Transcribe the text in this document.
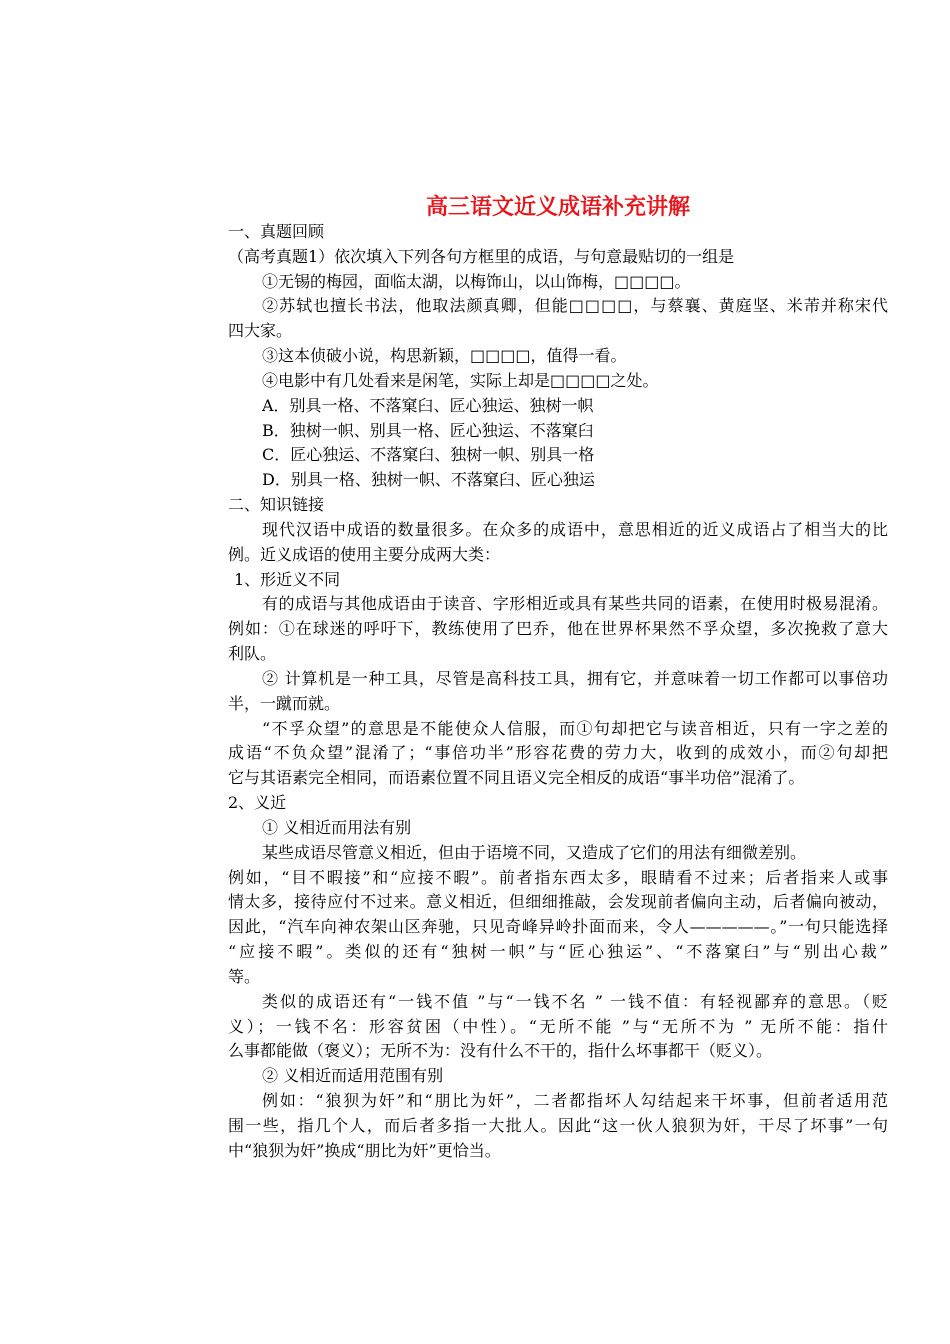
高三语文近义成语补充讲解
一、真题回顾
（高考真题1）依次填入下列各句方框里的成语，与句意最贴切的一组是
①无锡的梅园，面临太湖，以梅饰山，以山饰梅，□□□□。
②苏轼也擅长书法，他取法颜真卿，但能□□□□，与蔡襄、黄庭坚、米芾并称宋代
四大家。
③这本侦破小说，构思新颖，□□□□，值得一看。
④电影中有几处看来是闲笔，实际上却是□□□□之处。
A．别具一格、不落窠臼、匠心独运、独树一帜
B．独树一帜、别具一格、匠心独运、不落窠臼
C．匠心独运、不落窠臼、独树一帜、别具一格
D．别具一格、独树一帜、不落窠臼、匠心独运
二、知识链接
现代汉语中成语的数量很多。在众多的成语中，意思相近的近义成语占了相当大的比
例。近义成语的使用主要分成两大类：
1、形近义不同
有的成语与其他成语由于读音、字形相近或具有某些共同的语素，在使用时极易混淆。
例如：①在球迷的呼吁下，教练使用了巴乔，他在世界杯果然不孚众望，多次挽救了意大
利队。
② 计算机是一种工具，尽管是高科技工具，拥有它，并意味着一切工作都可以事倍功
半，一蹴而就。
“不孚众望”的意思是不能使众人信服，而①句却把它与读音相近，只有一字之差的
成语“不负众望”混淆了；“事倍功半”形容花费的劳力大，收到的成效小，而②句却把
它与其语素完全相同，而语素位置不同且语义完全相反的成语“事半功倍”混淆了。
2、义近
① 义相近而用法有别
某些成语尽管意义相近，但由于语境不同，又造成了它们的用法有细微差别。
例如，“目不暇接”和“应接不暇”。前者指东西太多，眼睛看不过来；后者指来人或事
情太多，接待应付不过来。意义相近，但细细推敲，会发现前者偏向主动，后者偏向被动，
因此，“汽车向神农架山区奔驰，只见奇峰异岭扑面而来，令人—————。”一句只能选择
“应接不暇”。类似的还有“独树一帜”与“匠心独运”、“不落窠臼”与“别出心裁”
等。
类似的成语还有“一钱不值 ”与“一钱不名 ” 一钱不值：有轻视鄙弃的意思。（贬
义）；一钱不名：形容贫困（中性）。“无所不能 ”与“无所不为 ” 无所不能：指什
么事都能做（褒义）；无所不为：没有什么不干的，指什么坏事都干（贬义）。
② 义相近而适用范围有别
例如：“狼狈为奸”和“朋比为奸”，二者都指坏人勾结起来干坏事，但前者适用范
围一些，指几个人，而后者多指一大批人。因此“这一伙人狼狈为奸，干尽了坏事”一句
中“狼狈为奸”换成“朋比为奸”更恰当。
